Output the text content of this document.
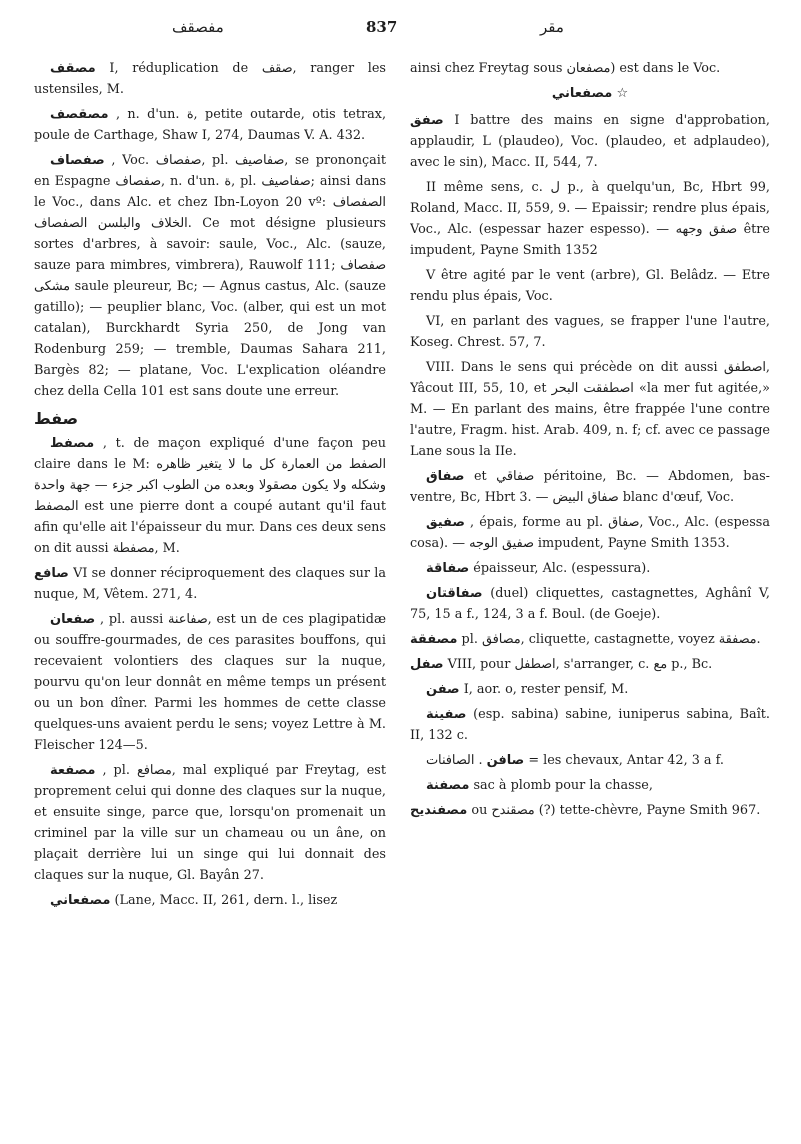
مفصقف	837	مقر

مصقف I, réduplication de صقف, ranger les ustensiles, M.

مصقصف , n. d'un. ة, petite outarde, otis tetrax, poule de Carthage, Shaw I, 274, Daumas V. A. 432.

صفصاف , Voc. صفصاف, pl. صفاصيف, se prononçait en Espagne صفصاف, n. d'un. ة, pl. صفاصيف; ainsi dans le Voc., dans Alc. et chez Ibn-Loyon 20 vº: الصفصاف الخلاف والبلسن الصفصاف. Ce mot désigne plusieurs sortes d'arbres, à savoir: saule, Voc., Alc. (sauze, sauze para mimbres, vimbrera), Rauwolf 111; صفصاف مشكى saule pleureur, Bc; — Agnus castus, Alc. (sauze gatillo); — peuplier blanc, Voc. (alber, qui est un mot catalan), Burckhardt Syria 250, de Jong van Rodenburg 259; — tremble, Daumas Sahara 211, Bargès 82; — platane, Voc. L'explication oléandre chez della Cella 101 est sans doute une erreur.

صفط

مصفط , t. de maçon expliqué d'une façon peu claire dans le M: الصفط من العمارة كل ما لا يتغير ظاهره وشكله ولا يكون مصقولا وبعده من الطوب اكبر جزء — جهة واحدة المصفط est une pierre dont a coupé autant qu'il faut afin qu'elle ait l'épaisseur du mur. Dans ces deux sens on dit aussi مصفطة, M.

صافع VI se donner réciproquement des claques sur la nuque, M, Vêtem. 271, 4.

صفعان , pl. aussi صفاعنة, est un de ces plagipatidæ ou souffre-gourmades, de ces parasites bouffons, qui recevaient volontiers des claques sur la nuque, pourvu qu'on leur donnât en même temps un présent ou un bon dîner. Parmi les hommes de cette classe quelques-uns avaient perdu le sens; voyez Lettre à M. Fleischer 124—5.

مصفعة , pl. مصافع, mal expliqué par Freytag, est proprement celui qui donne des claques sur la nuque, et ensuite singe, parce que, lorsqu'on promenait un criminel par la ville sur un chameau ou un âne, on plaçait derrière lui un singe qui lui donnait des claques sur la nuque, Gl. Bayân 27.

مصفعاني (Lane, Macc. II, 261, dern. l., lisez

ainsi chez Freytag sous مصفعان) est dans le Voc.

مصفعاني ☆

صفق I battre des mains en signe d'approbation, applaudir, L (plaudeo), Voc. (plaudeo, et adplaudeo), avec le sin), Macc. II, 544, 7.

II même sens, c. ل p., à quelqu'un, Bc, Hbrt 99, Roland, Macc. II, 559, 9. — Epaissir; rendre plus épais, Voc., Alc. (espessar hazer espesso). — صفق وجهه être impudent, Payne Smith 1352

V être agité par le vent (arbre), Gl. Belâdz. — Etre rendu plus épais, Voc.

VI, en parlant des vagues, se frapper l'une l'autre, Koseg. Chrest. 57, 7.

VIII. Dans le sens qui précède on dit aussi اصطفق, Yâcout III, 55, 10, et اصطفقت البحر «la mer fut agitée,» M. — En parlant des mains, être frappée l'une contre l'autre, Fragm. hist. Arab. 409, n. f; cf. avec ce passage Lane sous la IIe.

صفاق et صفاقي péritoine, Bc. — Abdomen, bas-ventre, Bc, Hbrt 3. — صفاق البيض blanc d'œuf, Voc.

صفيق , épais, forme au pl. صفاق, Voc., Alc. (espessa cosa). — صفيق الوجه impudent, Payne Smith 1353.

صفاقة épaisseur, Alc. (espessura).

صفاقتان (duel) cliquettes, castagnettes, Aghânî V, 75, 15 a f., 124, 3 a f. Boul. (de Goeje).

مصفقة pl. مصافق, cliquette, castagnette, voyez مصفقة.

صفل VIII, pour اصطفل, s'arranger, c. مع p., Bc.

صفن I, aor. o, rester pensif, M.

صفينة (esp. sabina) sabine, iuniperus sabina, Baît. II, 132 c.

صافن . الصافنات = les chevaux, Antar 42, 3 a f.

مصفنة sac à plomb pour la chasse,

مصفنديح ou مصقندح (?) tette-chèvre, Payne Smith 967.
